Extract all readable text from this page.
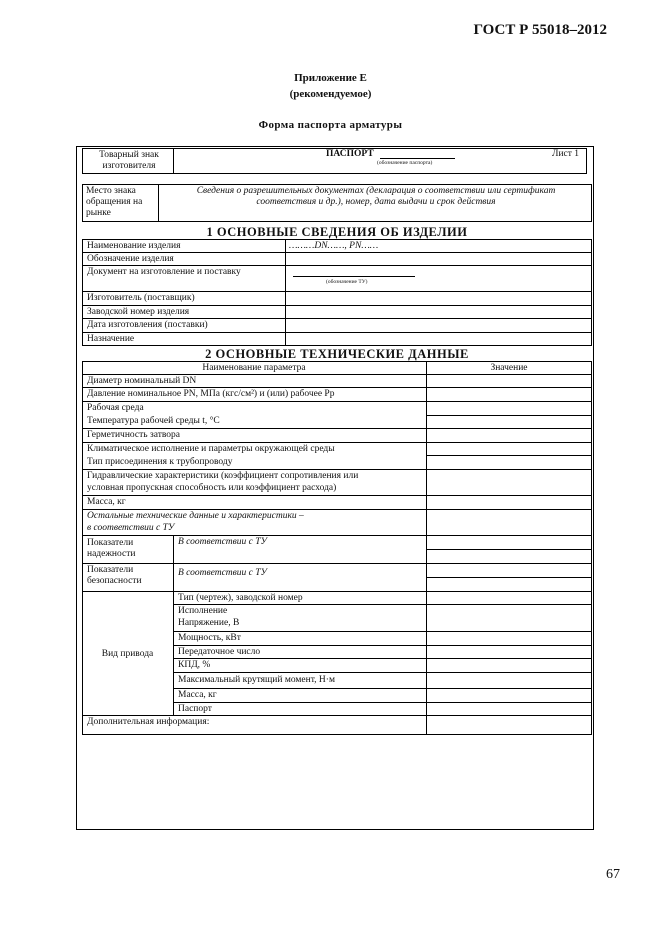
ГОСТ Р 55018–2012
Приложение Е
(рекомендуемое)
Форма паспорта арматуры
Товарный знак изготовителя
ПАСПОРТ
(обозначение паспорта)
Лист 1
Место знака обращения на рынке
Сведения о разрешительных документах (декларация о соответствии или сертификат соответствия и др.), номер, дата выдачи и срок действия
1 ОСНОВНЫЕ СВЕДЕНИЯ ОБ ИЗДЕЛИИ
Наименование изделия	………DN……, PN……
Обозначение изделия
Документ на изготовление и поставку
(обозначение ТУ)
Изготовитель (поставщик)
Заводской номер изделия
Дата изготовления (поставки)
Назначение
2 ОСНОВНЫЕ ТЕХНИЧЕСКИЕ ДАННЫЕ
Наименование параметра	Значение
Диаметр номинальный DN
Давление номинальное PN, МПа (кгс/см²) и (или) рабочее Pp
Рабочая среда
Температура рабочей среды t, °С
Герметичность затвора
Климатическое исполнение и параметры окружающей среды
Тип присоединения к трубопроводу
Гидравлические характеристики (коэффициент сопротивления или
условная пропускная способность или коэффициент расхода)
Масса, кг
Остальные технические данные и характеристики –
в соответствии с ТУ
Показатели надежности
В соответствии с ТУ
Показатели безопасности
В соответствии с ТУ
Вид привода
Тип (чертеж), заводской номер
Исполнение
Напряжение, В
Мощность, кВт
Передаточное число
КПД, %
Максимальный крутящий момент, Н·м
Масса, кг
Паспорт
Дополнительная информация:
67
